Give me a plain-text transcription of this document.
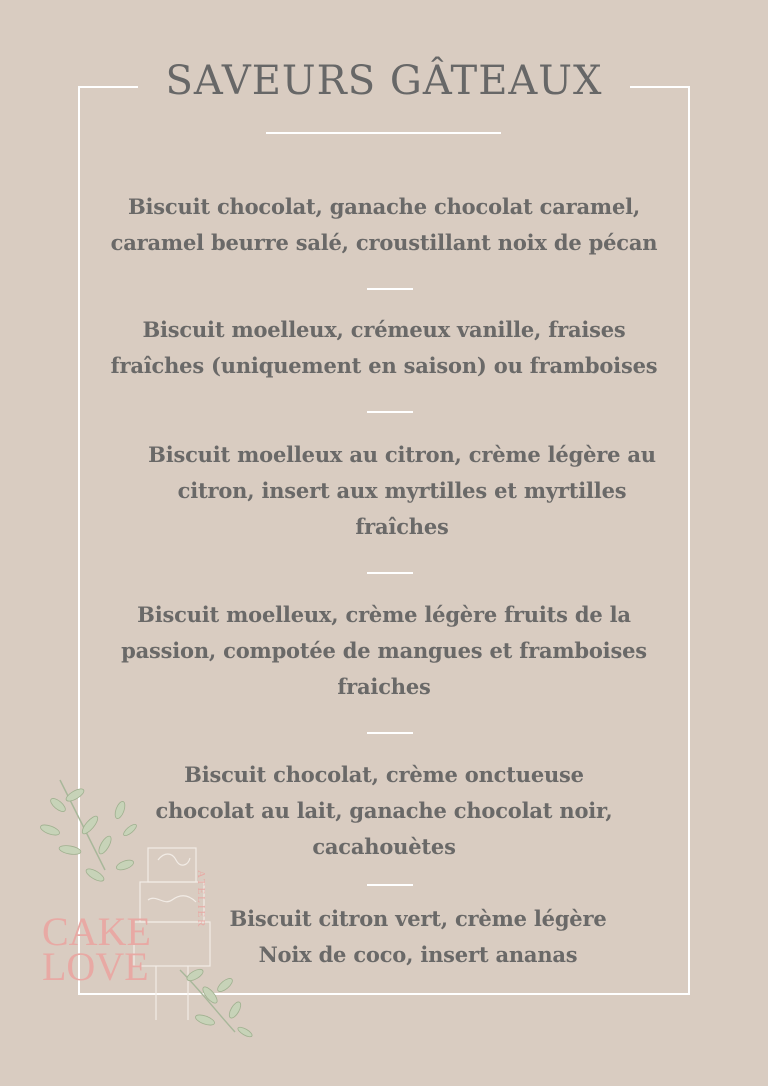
SAVEURS GÂTEAUX

Biscuit chocolat, ganache chocolat caramel,
caramel beurre salé, croustillant noix de pécan

Biscuit moelleux, crémeux vanille, fraises
fraîches (uniquement en saison) ou framboises

Biscuit moelleux au citron, crème légère au
citron, insert aux myrtilles et myrtilles
fraîches

Biscuit moelleux, crème légère fruits de la
passion, compotée de mangues et framboises
fraiches

Biscuit chocolat, crème onctueuse
chocolat au lait, ganache chocolat noir,
cacahouètes

Biscuit citron vert, crème légère
Noix de coco, insert ananas

CAKE
LOVE
ATELIER
